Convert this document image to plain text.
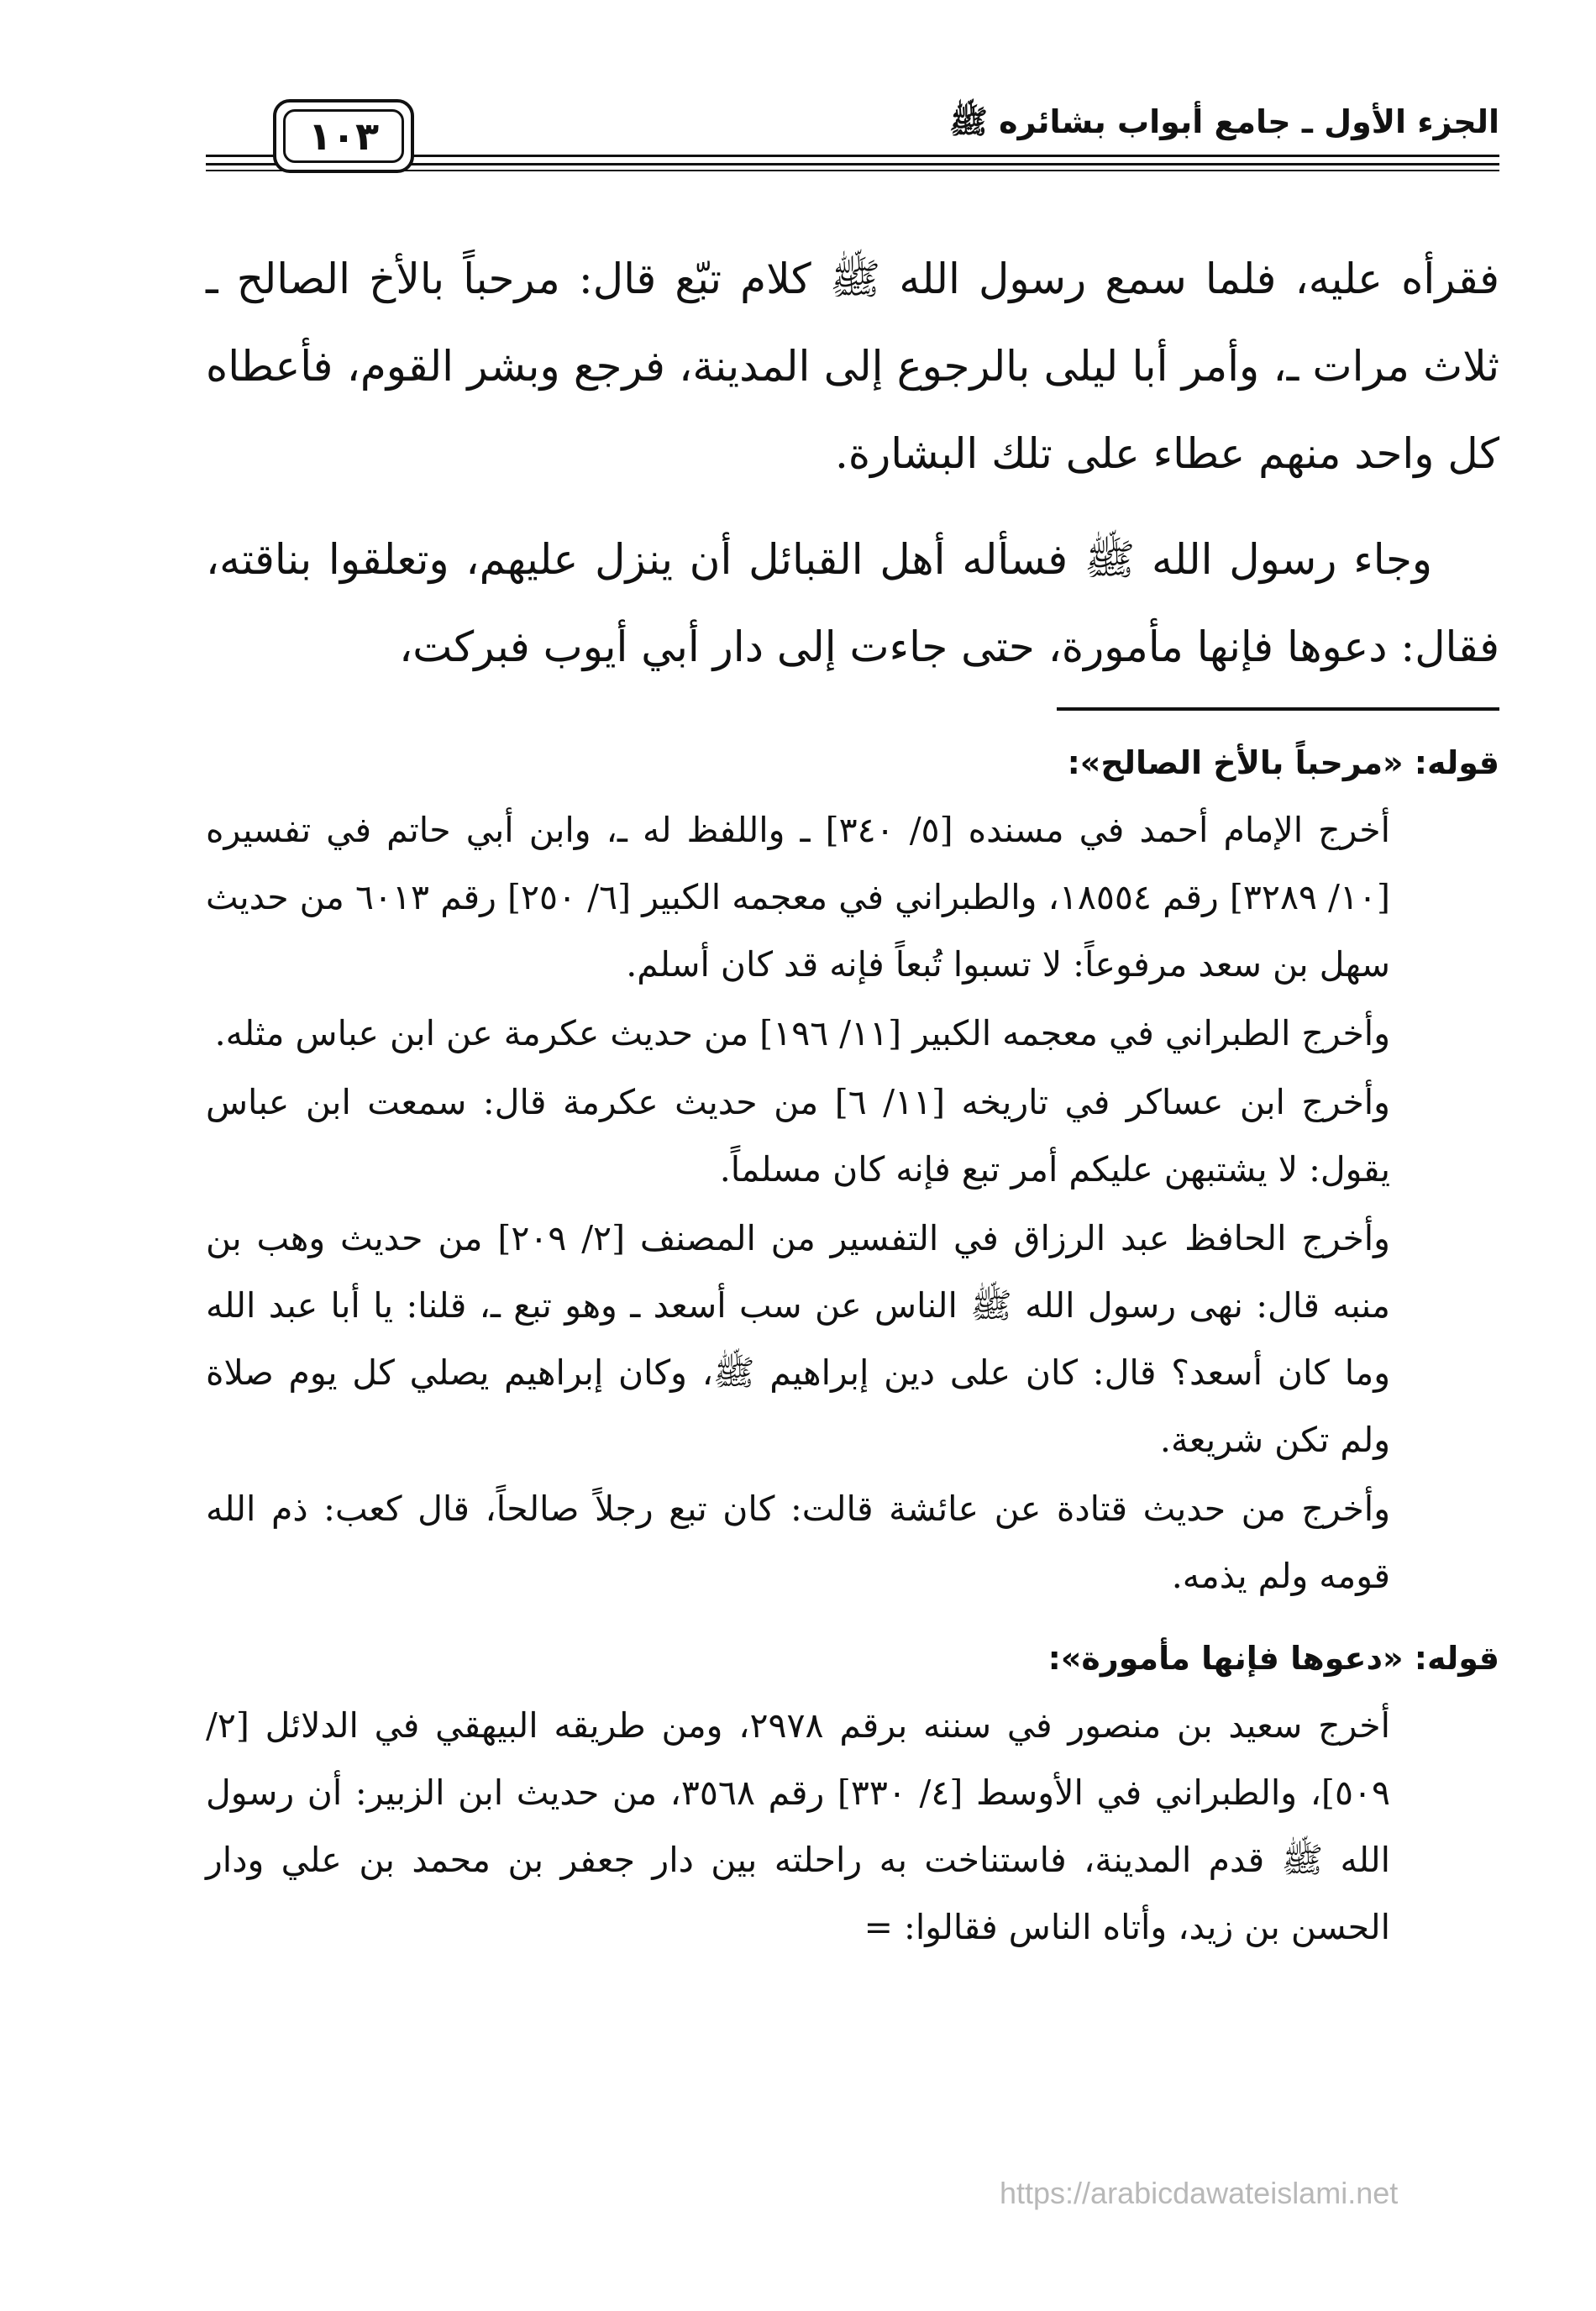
الجزء الأول ـ جامع أبواب بشائره ﷺ
١٠٣

فقرأه عليه، فلما سمع رسول الله ﷺ كلام تبّع قال: مرحباً بالأخ الصالح ـ ثلاث مرات ـ، وأمر أبا ليلى بالرجوع إلى المدينة، فرجع وبشر القوم، فأعطاه كل واحد منهم عطاء على تلك البشارة.

وجاء رسول الله ﷺ فسأله أهل القبائل أن ينزل عليهم، وتعلقوا بناقته، فقال: دعوها فإنها مأمورة، حتى جاءت إلى دار أبي أيوب فبركت،

قوله: «مرحباً بالأخ الصالح»:

أخرج الإمام أحمد في مسنده [٥/ ٣٤٠] ـ واللفظ له ـ، وابن أبي حاتم في تفسيره [١٠/ ٣٢٨٩] رقم ١٨٥٥٤، والطبراني في معجمه الكبير [٦/ ٢٥٠] رقم ٦٠١٣ من حديث سهل بن سعد مرفوعاً: لا تسبوا تُبعاً فإنه قد كان أسلم.

وأخرج الطبراني في معجمه الكبير [١١/ ١٩٦] من حديث عكرمة عن ابن عباس مثله.

وأخرج ابن عساكر في تاريخه [١١/ ٦] من حديث عكرمة قال: سمعت ابن عباس يقول: لا يشتبهن عليكم أمر تبع فإنه كان مسلماً.

وأخرج الحافظ عبد الرزاق في التفسير من المصنف [٢/ ٢٠٩] من حديث وهب بن منبه قال: نهى رسول الله ﷺ الناس عن سب أسعد ـ وهو تبع ـ، قلنا: يا أبا عبد الله وما كان أسعد؟ قال: كان على دين إبراهيم ﷺ، وكان إبراهيم يصلي كل يوم صلاة ولم تكن شريعة.

وأخرج من حديث قتادة عن عائشة قالت: كان تبع رجلاً صالحاً، قال كعب: ذم الله قومه ولم يذمه.

قوله: «دعوها فإنها مأمورة»:

أخرج سعيد بن منصور في سننه برقم ٢٩٧٨، ومن طريقه البيهقي في الدلائل [٢/ ٥٠٩]، والطبراني في الأوسط [٤/ ٣٣٠] رقم ٣٥٦٨، من حديث ابن الزبير: أن رسول الله ﷺ قدم المدينة، فاستناخت به راحلته بين دار جعفر بن محمد بن علي ودار الحسن بن زيد، وأتاه الناس فقالوا: =

https://arabicdawateislami.net
